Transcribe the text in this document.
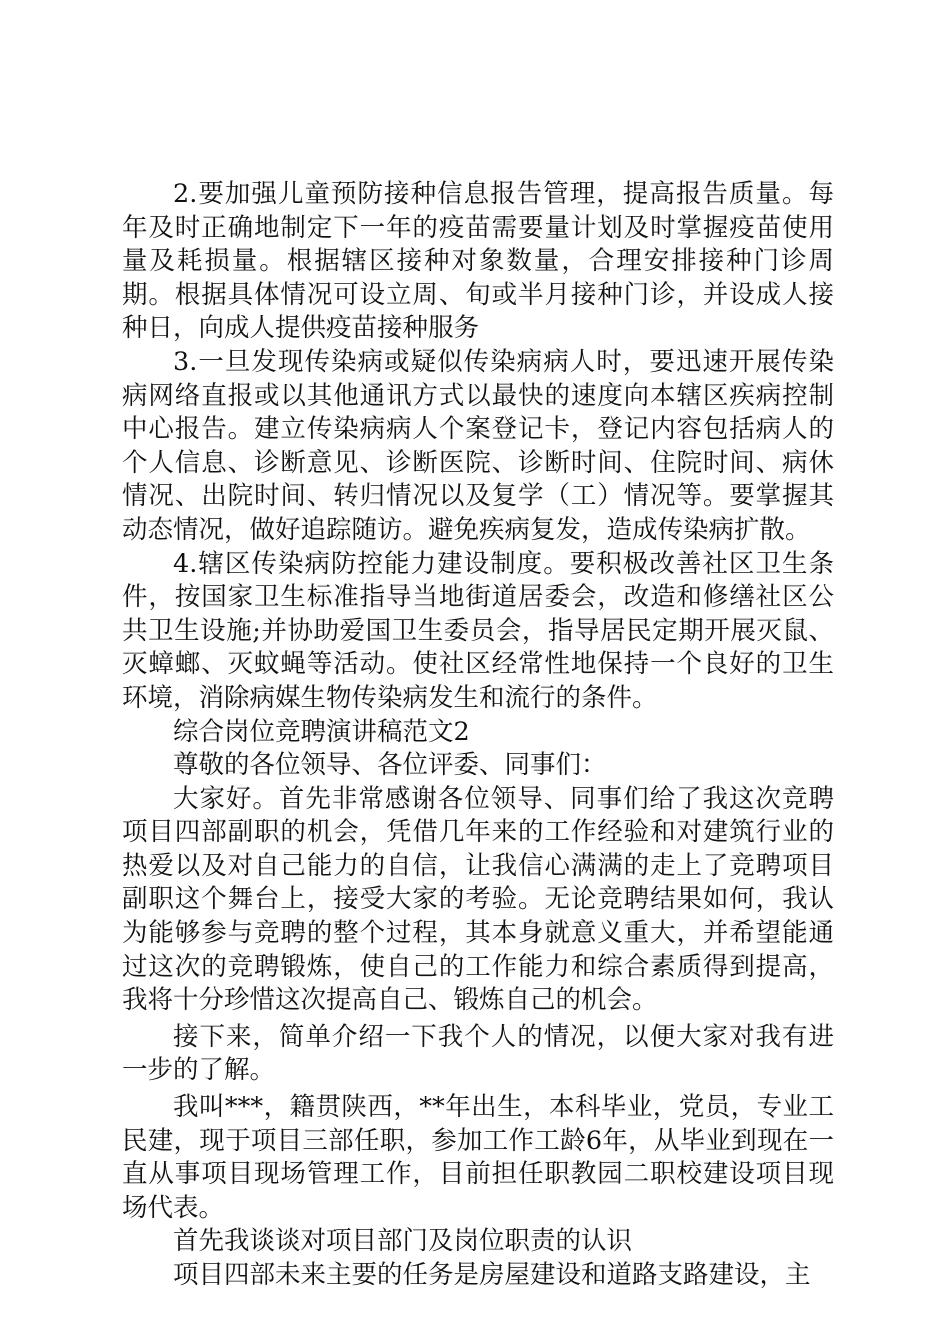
2.要加强儿童预防接种信息报告管理，提高报告质量。每年及时正确地制定下一年的疫苗需要量计划及时掌握疫苗使用量及耗损量。根据辖区接种对象数量，合理安排接种门诊周期。根据具体情况可设立周、旬或半月接种门诊，并设成人接种日，向成人提供疫苗接种服务

3.一旦发现传染病或疑似传染病病人时，要迅速开展传染病网络直报或以其他通讯方式以最快的速度向本辖区疾病控制中心报告。建立传染病病人个案登记卡，登记内容包括病人的个人信息、诊断意见、诊断医院、诊断时间、住院时间、病休情况、出院时间、转归情况以及复学（工）情况等。要掌握其动态情况，做好追踪随访。避免疾病复发，造成传染病扩散。

4.辖区传染病防控能力建设制度。要积极改善社区卫生条件，按国家卫生标准指导当地街道居委会，改造和修缮社区公共卫生设施;并协助爱国卫生委员会，指导居民定期开展灭鼠、灭蟑螂、灭蚊蝇等活动。使社区经常性地保持一个良好的卫生环境，消除病媒生物传染病发生和流行的条件。

综合岗位竞聘演讲稿范文2

尊敬的各位领导、各位评委、同事们：

大家好。首先非常感谢各位领导、同事们给了我这次竞聘项目四部副职的机会，凭借几年来的工作经验和对建筑行业的热爱以及对自己能力的自信，让我信心满满的走上了竞聘项目副职这个舞台上，接受大家的考验。无论竞聘结果如何，我认为能够参与竞聘的整个过程，其本身就意义重大，并希望能通过这次的竞聘锻炼，使自己的工作能力和综合素质得到提高，我将十分珍惜这次提高自己、锻炼自己的机会。

接下来，简单介绍一下我个人的情况，以便大家对我有进一步的了解。

我叫***，籍贯陕西，**年出生，本科毕业，党员，专业工民建，现于项目三部任职，参加工作工龄6年，从毕业到现在一直从事项目现场管理工作，目前担任职教园二职校建设项目现场代表。

首先我谈谈对项目部门及岗位职责的认识

项目四部未来主要的任务是房屋建设和道路支路建设，主
